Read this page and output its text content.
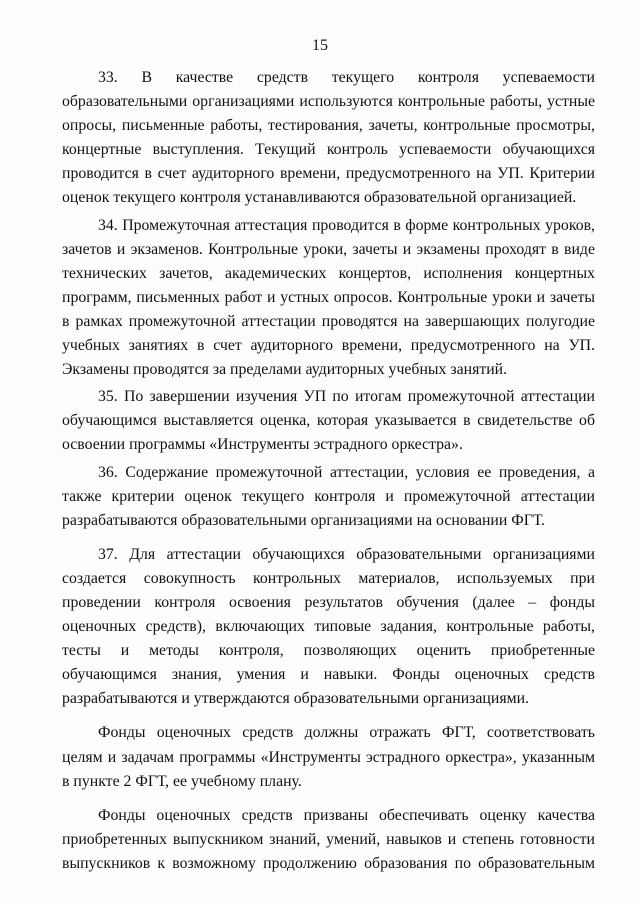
15

33. В качестве средств текущего контроля успеваемости образовательными организациями используются контрольные работы, устные опросы, письменные работы, тестирования, зачеты, контрольные просмотры, концертные выступления. Текущий контроль успеваемости обучающихся проводится в счет аудиторного времени, предусмотренного на УП. Критерии оценок текущего контроля устанавливаются образовательной организацией.

34. Промежуточная аттестация проводится в форме контрольных уроков, зачетов и экзаменов. Контрольные уроки, зачеты и экзамены проходят в виде технических зачетов, академических концертов, исполнения концертных программ, письменных работ и устных опросов. Контрольные уроки и зачеты в рамках промежуточной аттестации проводятся на завершающих полугодие учебных занятиях в счет аудиторного времени, предусмотренного на УП. Экзамены проводятся за пределами аудиторных учебных занятий.

35. По завершении изучения УП по итогам промежуточной аттестации обучающимся выставляется оценка, которая указывается в свидетельстве об освоении программы «Инструменты эстрадного оркестра».

36. Содержание промежуточной аттестации, условия ее проведения, а также критерии оценок текущего контроля и промежуточной аттестации разрабатываются образовательными организациями на основании ФГТ.

37. Для аттестации обучающихся образовательными организациями создается совокупность контрольных материалов, используемых при проведении контроля освоения результатов обучения (далее – фонды оценочных средств), включающих типовые задания, контрольные работы, тесты и методы контроля, позволяющих оценить приобретенные обучающимся знания, умения и навыки. Фонды оценочных средств разрабатываются и утверждаются образовательными организациями.

Фонды оценочных средств должны отражать ФГТ, соответствовать целям и задачам программы «Инструменты эстрадного оркестра», указанным в пункте 2 ФГТ, ее учебному плану.

Фонды оценочных средств призваны обеспечивать оценку качества приобретенных выпускником знаний, умений, навыков и степень готовности выпускников к возможному продолжению образования по образовательным
